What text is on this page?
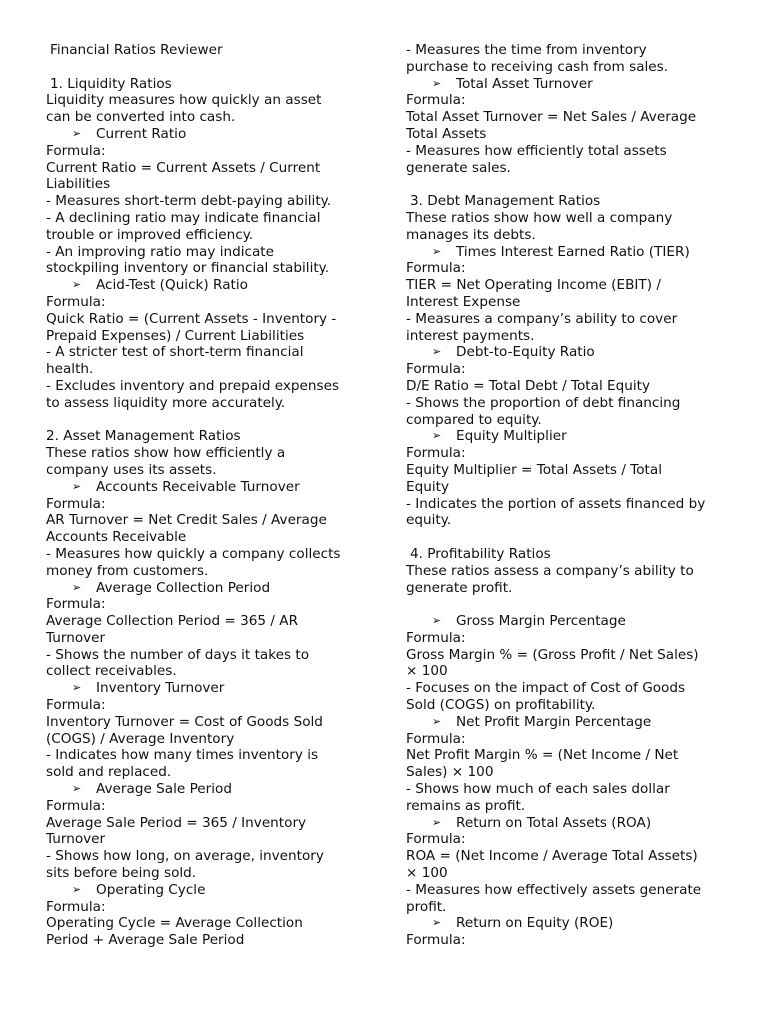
Financial Ratios Reviewer
1. Liquidity Ratios
Liquidity measures how quickly an asset
can be converted into cash.
➢	Current Ratio
Formula:
Current Ratio = Current Assets / Current
Liabilities
- Measures short-term debt-paying ability.
- A declining ratio may indicate financial
trouble or improved efficiency.
- An improving ratio may indicate
stockpiling inventory or financial stability.
➢	Acid-Test (Quick) Ratio
Formula:
Quick Ratio = (Current Assets - Inventory -
Prepaid Expenses) / Current Liabilities
- A stricter test of short-term financial
health.
- Excludes inventory and prepaid expenses
to assess liquidity more accurately.
2. Asset Management Ratios
These ratios show how efficiently a
company uses its assets.
➢	Accounts Receivable Turnover
Formula:
AR Turnover = Net Credit Sales / Average
Accounts Receivable
- Measures how quickly a company collects
money from customers.
➢	Average Collection Period
Formula:
Average Collection Period = 365 / AR
Turnover
- Shows the number of days it takes to
collect receivables.
➢	Inventory Turnover
Formula:
Inventory Turnover = Cost of Goods Sold
(COGS) / Average Inventory
- Indicates how many times inventory is
sold and replaced.
➢	Average Sale Period
Formula:
Average Sale Period = 365 / Inventory
Turnover
- Shows how long, on average, inventory
sits before being sold.
➢	Operating Cycle
Formula:
Operating Cycle = Average Collection
Period + Average Sale Period
- Measures the time from inventory
purchase to receiving cash from sales.
➢	Total Asset Turnover
Formula:
Total Asset Turnover = Net Sales / Average
Total Assets
- Measures how efficiently total assets
generate sales.
3. Debt Management Ratios
These ratios show how well a company
manages its debts.
➢	Times Interest Earned Ratio (TIER)
Formula:
TIER = Net Operating Income (EBIT) /
Interest Expense
- Measures a company’s ability to cover
interest payments.
➢	Debt-to-Equity Ratio
Formula:
D/E Ratio = Total Debt / Total Equity
- Shows the proportion of debt financing
compared to equity.
➢	Equity Multiplier
Formula:
Equity Multiplier = Total Assets / Total
Equity
- Indicates the portion of assets financed by
equity.
4. Profitability Ratios
These ratios assess a company’s ability to
generate profit.
➢	Gross Margin Percentage
Formula:
Gross Margin % = (Gross Profit / Net Sales)
× 100
- Focuses on the impact of Cost of Goods
Sold (COGS) on profitability.
➢	Net Profit Margin Percentage
Formula:
Net Profit Margin % = (Net Income / Net
Sales) × 100
- Shows how much of each sales dollar
remains as profit.
➢	Return on Total Assets (ROA)
Formula:
ROA = (Net Income / Average Total Assets)
× 100
- Measures how effectively assets generate
profit.
➢	Return on Equity (ROE)
Formula:
